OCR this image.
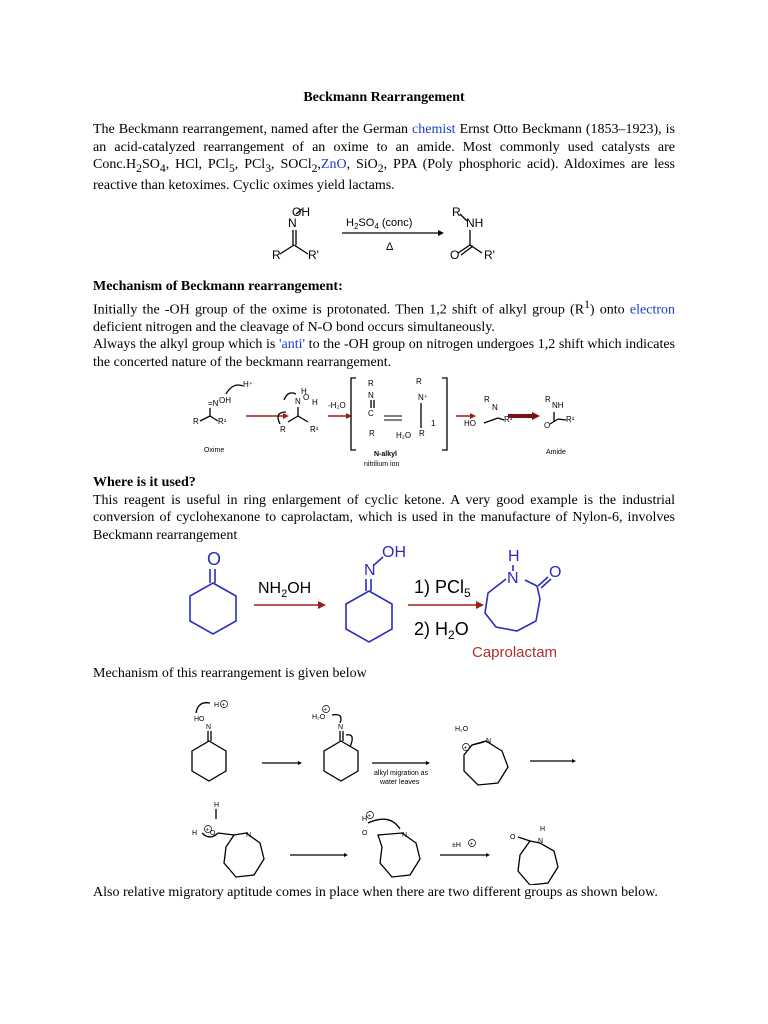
Beckmann Rearrangement
The Beckmann rearrangement, named after the German chemist Ernst Otto Beckmann (1853–1923), is an acid-catalyzed rearrangement of an oxime to an amide. Most commonly used catalysts are $Conc.H_2SO_4$, HCl, PCl$_5$, PCl$_3$, SOCl$_2$,ZnO, SiO$_2$, PPA (Poly phosphoric acid). Aldoximes are less reactive than ketoximes. Cyclic oximes yield lactams.
OH
N
R R'
$H_2SO_4$ (conc)
Δ
R
NH
O R'
Mechanism of Beckmann rearrangement:
Initially the -OH group of the oxime is protonated. Then 1,2 shift of alkyl group $(R^1)$ onto electron deficient nitrogen and the cleavage of N-O bond occurs simultaneously.
Always the alkyl group which is 'anti' to the -OH group on nitrogen undergoes 1,2 shift which indicates the concerted nature of the beckmann rearrangement.
=N OH
R R¹
H⁺
N O
H
H
R	R¹
-H₂O
R
N
C
R
R
N⁺
1
H₂O R
R
N
HO	R¹
R
NH
O
R¹
Oxime
N-alkyl
nitrilium ion
Amide
Where is it used?
This reagent is useful in ring enlargement of cyclic ketone. A very good example is the industrial conversion of cyclohexanone to caprolactam, which is used in the manufacture of Nylon-6, involves Beckmann rearrangement
O
$NH_2OH$
N
OH
1) PCl$_5$
2) $H_2O$
H
N O
Caprolactam
Mechanism of this rearrangement is given below
HO
H +
N
H₂O
+
N
alkyl migration as
water leaves
H₂O
N
+
H
H O
+
N
H
O
+
N
±H +
O
H
N
Also relative migratory aptitude comes in place when there are two different groups as shown below.
